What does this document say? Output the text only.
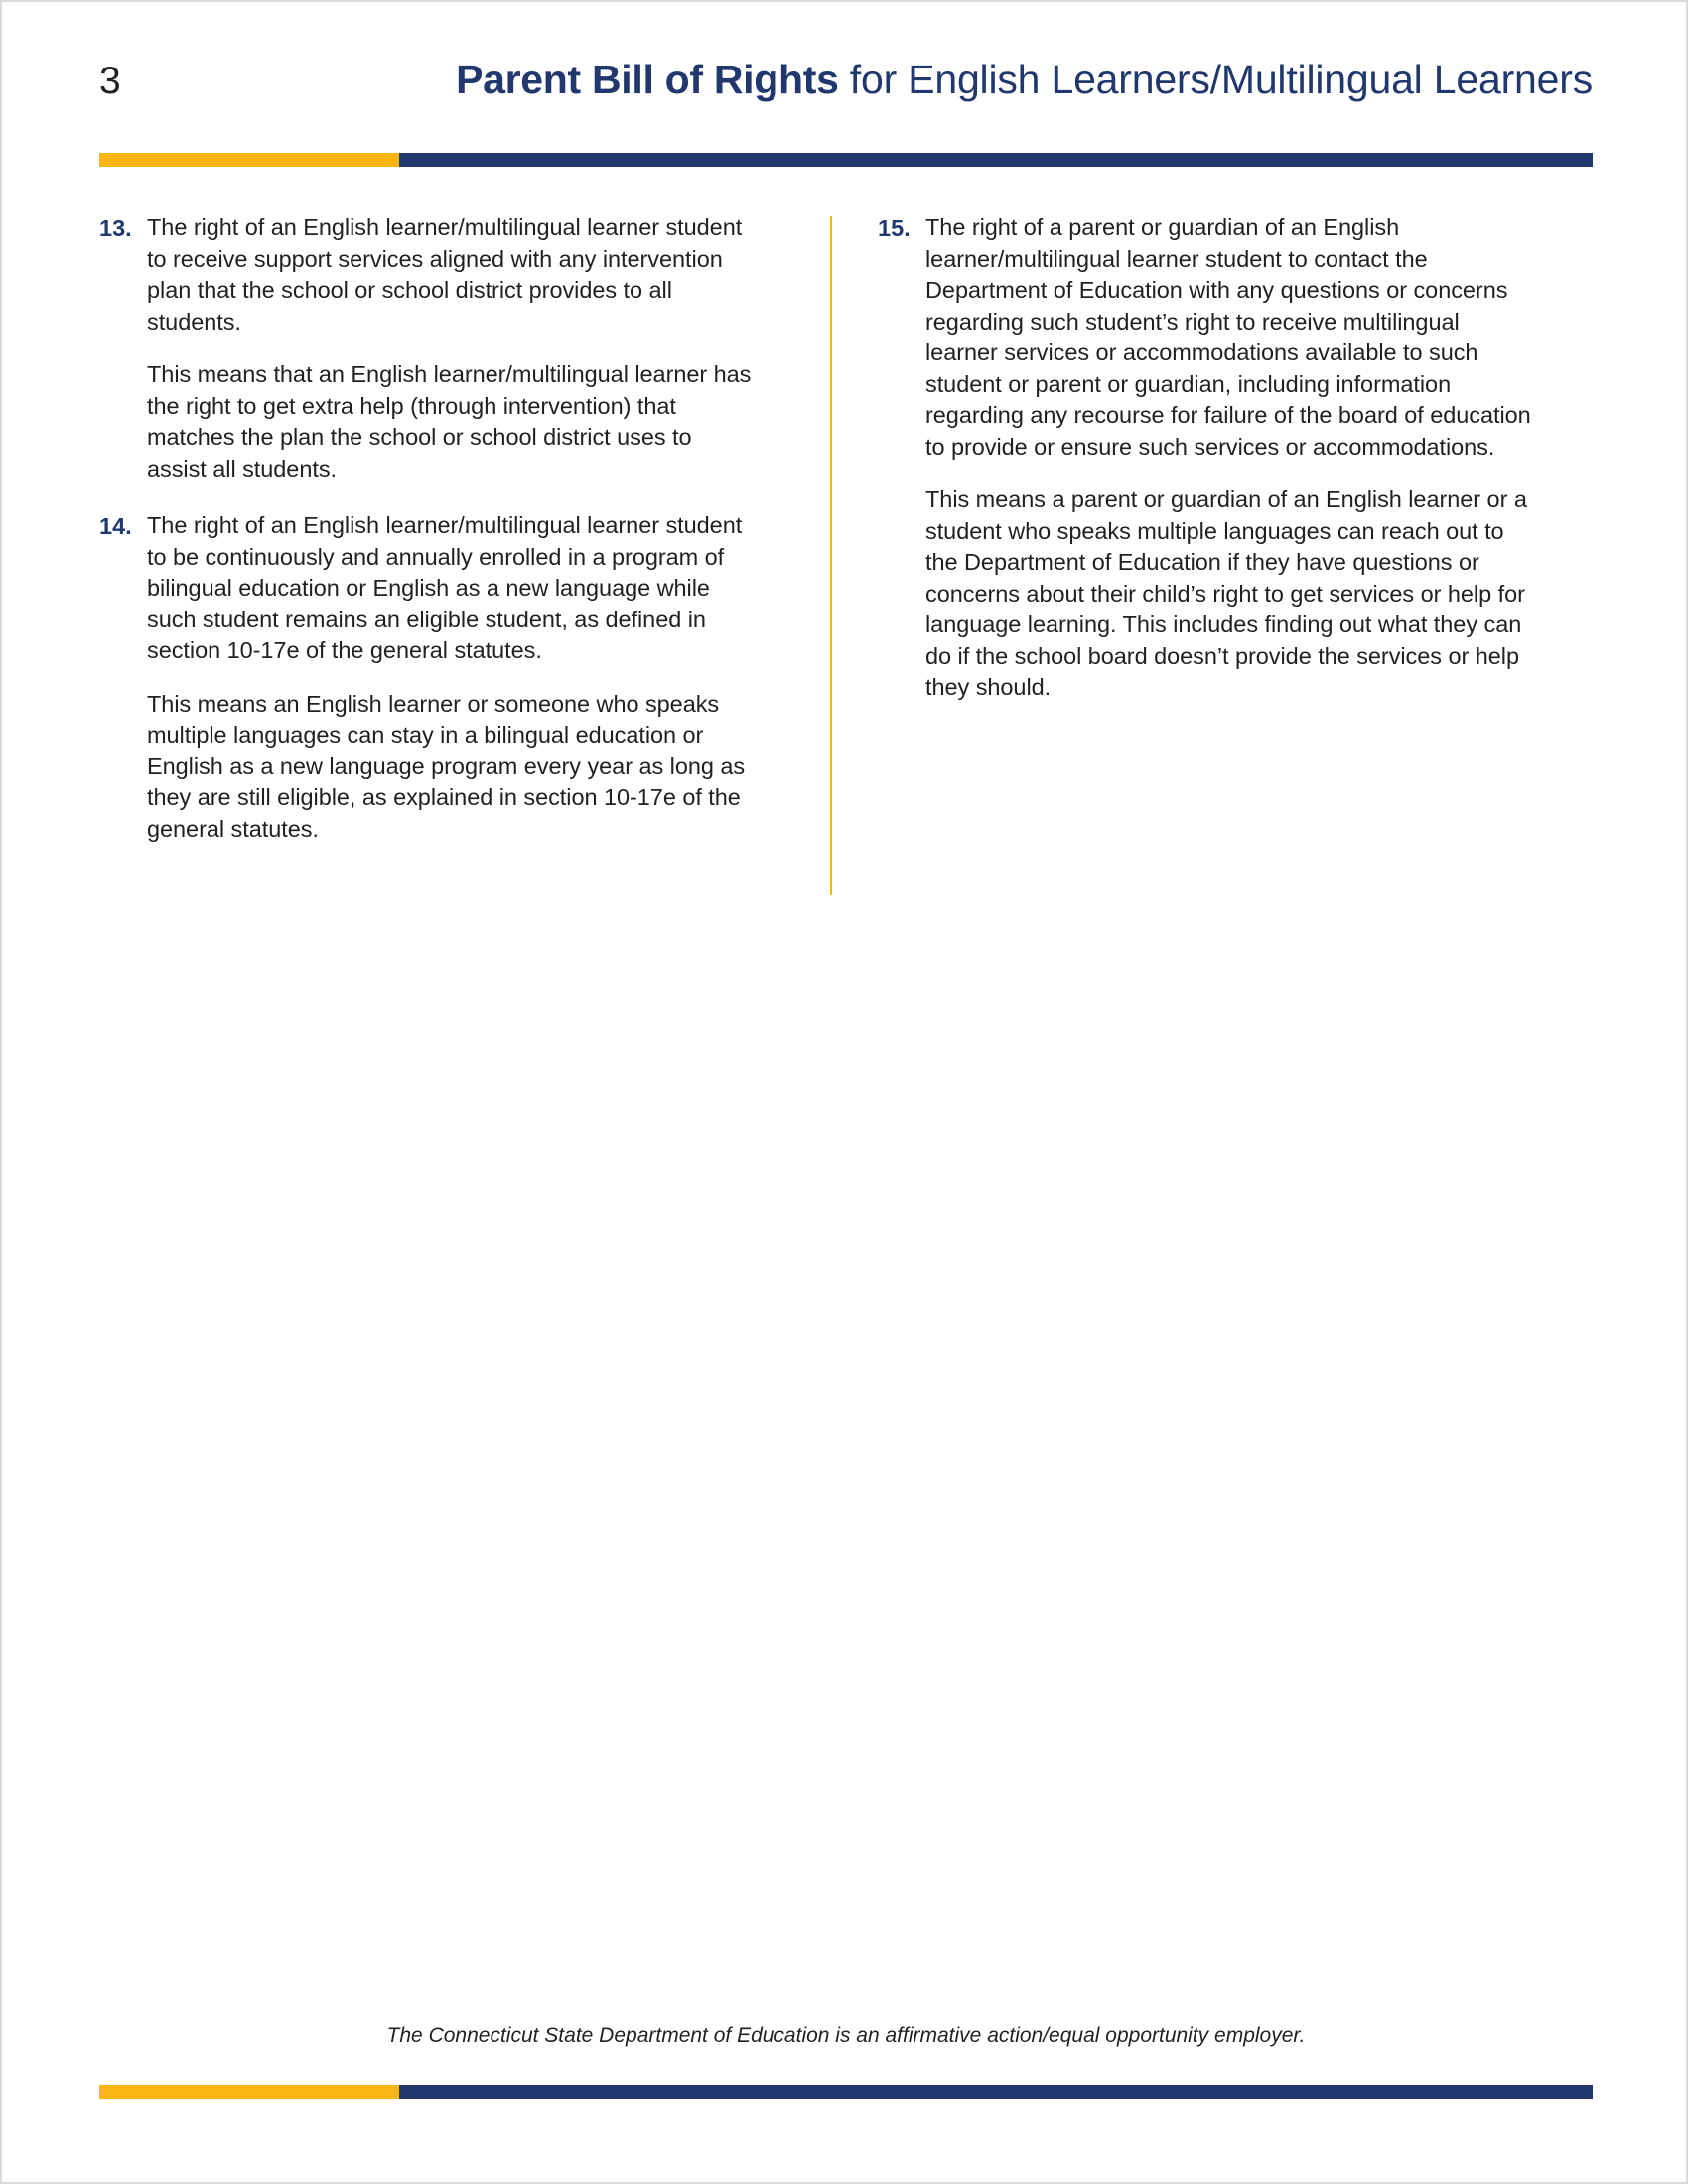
3	Parent Bill of Rights for English Learners/Multilingual Learners
13. The right of an English learner/multilingual learner student to receive support services aligned with any intervention plan that the school or school district provides to all students.

This means that an English learner/multilingual learner has the right to get extra help (through intervention) that matches the plan the school or school district uses to assist all students.

14. The right of an English learner/multilingual learner student to be continuously and annually enrolled in a program of bilingual education or English as a new language while such student remains an eligible student, as defined in section 10-17e of the general statutes.

This means an English learner or someone who speaks multiple languages can stay in a bilingual education or English as a new language program every year as long as they are still eligible, as explained in section 10-17e of the general statutes.

15. The right of a parent or guardian of an English learner/multilingual learner student to contact the Department of Education with any questions or concerns regarding such student’s right to receive multilingual learner services or accommodations available to such student or parent or guardian, including information regarding any recourse for failure of the board of education to provide or ensure such services or accommodations.

This means a parent or guardian of an English learner or a student who speaks multiple languages can reach out to the Department of Education if they have questions or concerns about their child’s right to get services or help for language learning. This includes finding out what they can do if the school board doesn’t provide the services or help they should.

The Connecticut State Department of Education is an affirmative action/equal opportunity employer.
